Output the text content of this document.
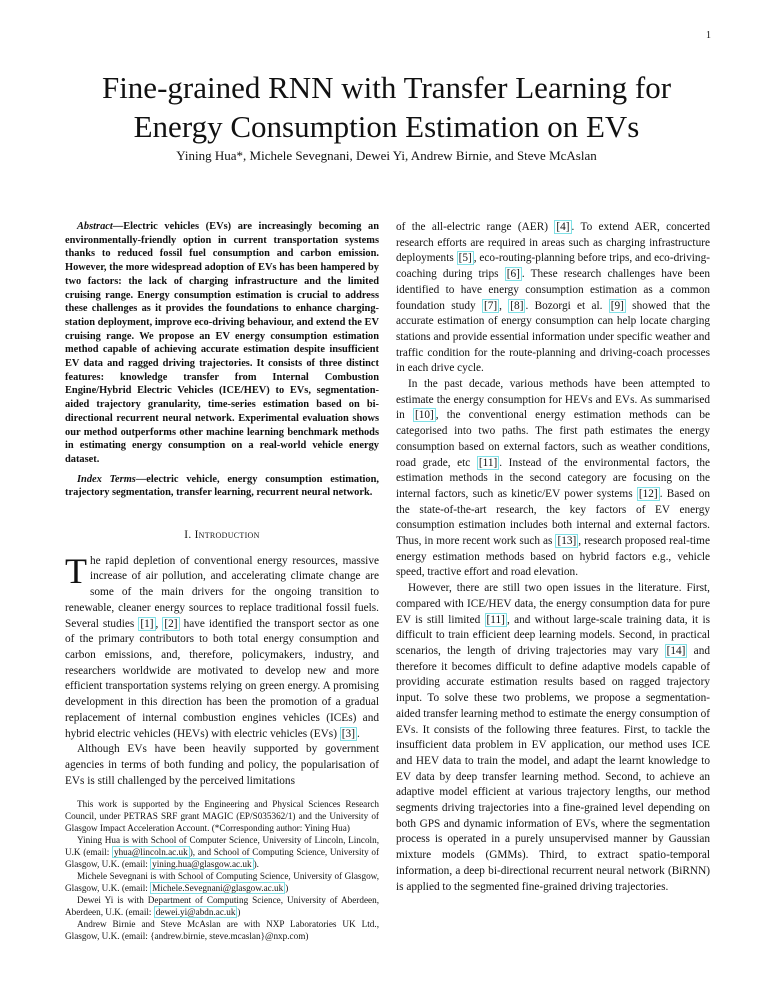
1
Fine-grained RNN with Transfer Learning for
Energy Consumption Estimation on EVs
Yining Hua*, Michele Sevegnani, Dewei Yi, Andrew Birnie, and Steve McAslan

Abstract—Electric vehicles (EVs) are increasingly becoming an environmentally-friendly option in current transportation systems thanks to reduced fossil fuel consumption and carbon emission. However, the more widespread adoption of EVs has been hampered by two factors: the lack of charging infrastructure and the limited cruising range. Energy consumption estimation is crucial to address these challenges as it provides the foundations to enhance charging-station deployment, improve eco-driving behaviour, and extend the EV cruising range. We propose an EV energy consumption estimation method capable of achieving accurate estimation despite insufficient EV data and ragged driving trajectories. It consists of three distinct features: knowledge transfer from Internal Combustion Engine/Hybrid Electric Vehicles (ICE/HEV) to EVs, segmentation-aided trajectory granularity, time-series estimation based on bi-directional recurrent neural network. Experimental evaluation shows our method outperforms other machine learning benchmark methods in estimating energy consumption on a real-world vehicle energy dataset.

Index Terms—electric vehicle, energy consumption estimation, trajectory segmentation, transfer learning, recurrent neural network.

I. Introduction

The rapid depletion of conventional energy resources, massive increase of air pollution, and accelerating climate change are some of the main drivers for the ongoing transition to renewable, cleaner energy sources to replace traditional fossil fuels. Several studies [1] , [2] have identified the transport sector as one of the primary contributors to both total energy consumption and carbon emissions, and, therefore, policymakers, industry, and researchers worldwide are motivated to develop new and more efficient transportation systems relying on green energy. A promising development in this direction has been the promotion of a gradual replacement of internal combustion engines vehicles (ICEs) and hybrid electric vehicles (HEVs) with electric vehicles (EVs) [3] .

Although EVs have been heavily supported by government agencies in terms of both funding and policy, the popularisation of EVs is still challenged by the perceived limitations

This work is supported by the Engineering and Physical Sciences Research Council, under PETRAS SRF grant MAGIC (EP/S035362/1) and the University of Glasgow Impact Acceleration Account. (*Corresponding author: Yining Hua)

Yining Hua is with School of Computer Science, University of Lincoln, Lincoln, U.K (email: yhua@lincoln.ac.uk ), and School of Computing Science, University of Glasgow, U.K. (email: yining.hua@glasgow.ac.uk ).

Michele Sevegnani is with School of Computing Science, University of Glasgow, Glasgow, U.K. (email: Michele.Sevegnani@glasgow.ac.uk )

Dewei Yi is with Department of Computing Science, University of Aberdeen, Aberdeen, U.K. (email: dewei.yi@abdn.ac.uk )

Andrew Birnie and Steve McAslan are with NXP Laboratories UK Ltd., Glasgow, U.K. (email: {andrew.birnie, steve.mcaslan}@nxp.com)

of the all-electric range (AER) [4] . To extend AER, concerted research efforts are required in areas such as charging infrastructure deployments [5] , eco-routing-planning before trips, and eco-driving-coaching during trips [6] . These research challenges have been identified to have energy consumption estimation as a common foundation study [7] , [8] . Bozorgi et al. [9] showed that the accurate estimation of energy consumption can help locate charging stations and provide essential information under specific weather and traffic condition for the route-planning and driving-coach processes in each drive cycle.

In the past decade, various methods have been attempted to estimate the energy consumption for HEVs and EVs. As summarised in [10] , the conventional energy estimation methods can be categorised into two paths. The first path estimates the energy consumption based on external factors, such as weather conditions, road grade, etc [11] . Instead of the environmental factors, the estimation methods in the second category are focusing on the internal factors, such as kinetic/EV power systems [12] . Based on the state-of-the-art research, the key factors of EV energy consumption estimation includes both internal and external factors. Thus, in more recent work such as [13] , research proposed real-time energy estimation methods based on hybrid factors e.g., vehicle speed, tractive effort and road elevation.

However, there are still two open issues in the literature. First, compared with ICE/HEV data, the energy consumption data for pure EV is still limited [11] , and without large-scale training data, it is difficult to train efficient deep learning models. Second, in practical scenarios, the length of driving trajectories may vary [14] and therefore it becomes difficult to define adaptive models capable of providing accurate estimation results based on ragged trajectory input. To solve these two problems, we propose a segmentation-aided transfer learning method to estimate the energy consumption of EVs. It consists of the following three features. First, to tackle the insufficient data problem in EV application, our method uses ICE and HEV data to train the model, and adapt the learnt knowledge to EV data by deep transfer learning method. Second, to achieve an adaptive model efficient at various trajectory lengths, our method segments driving trajectories into a fine-grained level depending on both GPS and dynamic information of EVs, where the segmentation process is operated in a purely unsupervised manner by Gaussian mixture models (GMMs). Third, to extract spatio-temporal information, a deep bi-directional recurrent neural network (BiRNN) is applied to the segmented fine-grained driving trajectories.
